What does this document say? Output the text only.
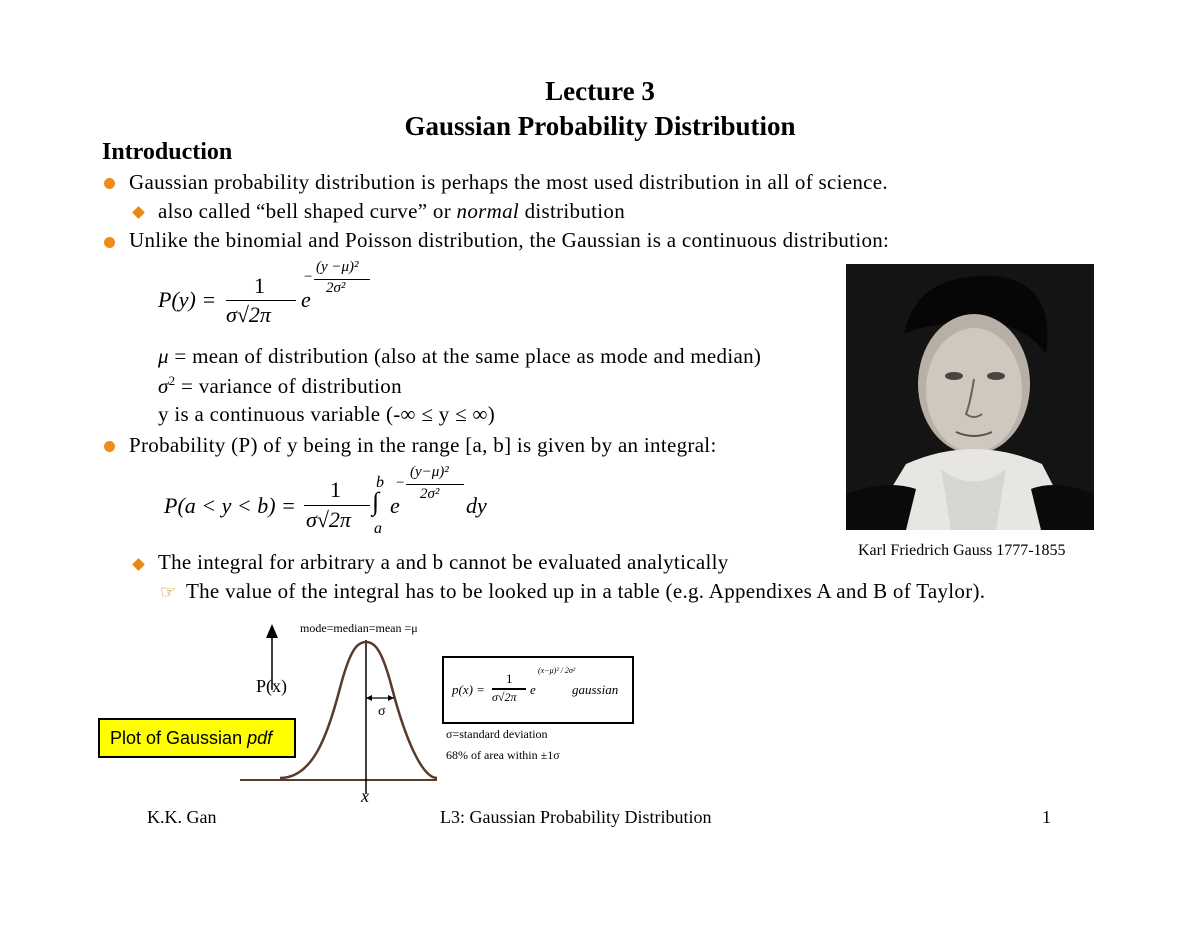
Lecture 3
Gaussian Probability Distribution
Introduction
Gaussian probability distribution is perhaps the most used distribution in all of science.
also called “bell shaped curve” or normal distribution
Unlike the binomial and Poisson distribution, the Gaussian is a continuous distribution:
P(y) =
1
σ√2π
e
−
(y −μ)²
2σ²
μ = mean of distribution (also at the same place as mode and median)
$\sigma^2$ = variance of distribution
y is a continuous variable (-∞ ≤ y ≤ ∞)
Probability (P) of y being in the range [a, b] is given by an integral:
P(a < y < b) =
1
σ√2π
b
∫
a
e
−
(y−μ)²
2σ² dy
The integral for arbitrary a and b cannot be evaluated analytically
☞ The value of the integral has to be looked up in a table (e.g. Appendixes A and B of Taylor).
Karl Friedrich Gauss 1777-1855
mode=median=mean =μ
P(x)
σ
x
p(x) =
1
σ√2π e
(x−μ)² / 2σ²
gaussian
σ=standard deviation
68% of area within ±1σ
Plot of Gaussian pdf
K.K. Gan	L3: Gaussian Probability Distribution	1
